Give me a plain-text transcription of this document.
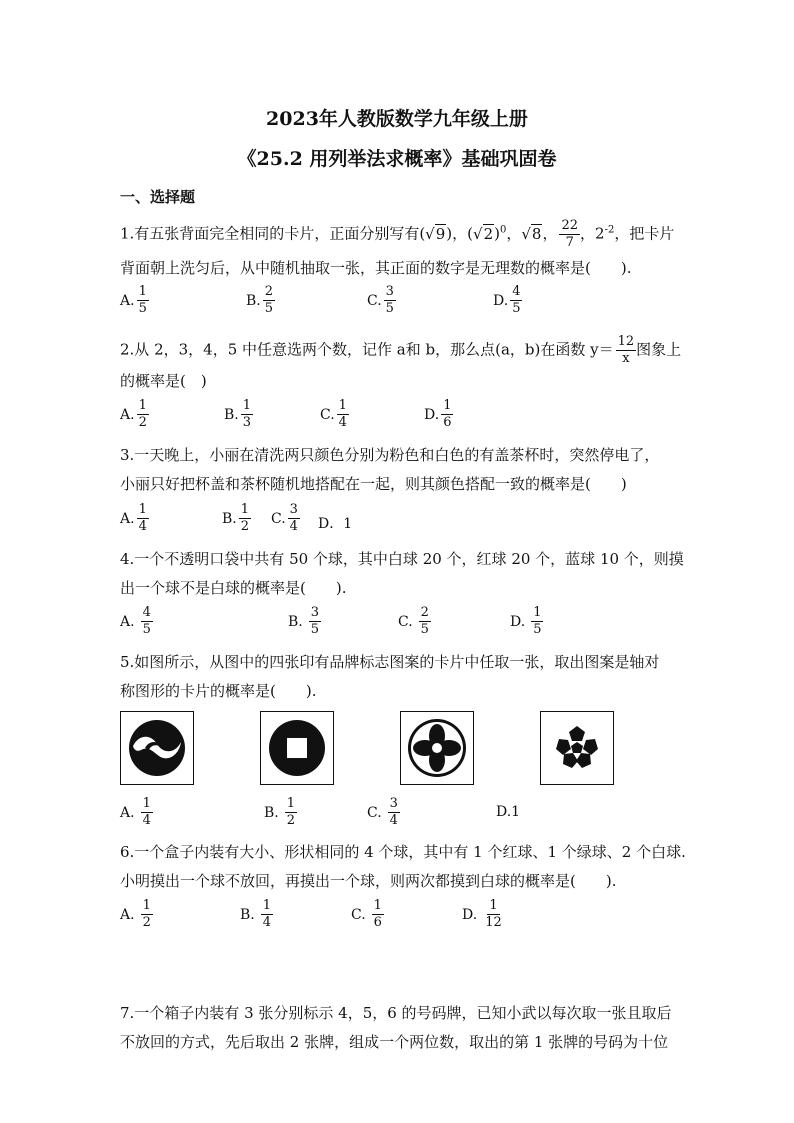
2023年人教版数学九年级上册
《25.2 用列举法求概率》基础巩固卷
一、选择题
1.有五张背面完全相同的卡片，正面分别写有(√9)，$(√2)^0$，√8， $\frac{22}{7}$ ，$2^{-2}$，把卡片
背面朝上洗匀后，从中随机抽取一张，其正面的数字是无理数的概率是(　　).
A. $\frac{1}{5}$	B. $\frac{2}{5}$	C. $\frac{3}{5}$	D. $\frac{4}{5}$
2.从 2，3，4，5 中任意选两个数，记作 a和 b，那么点(a，b)在函数 $y= \frac{12}{x}$ 图象上
的概率是(　)
A. $\frac{1}{2}$	B. $\frac{1}{3}$	C. $\frac{1}{4}$	D. $\frac{1}{6}$
3.一天晚上，小丽在清洗两只颜色分别为粉色和白色的有盖茶杯时，突然停电了，
小丽只好把杯盖和茶杯随机地搭配在一起，则其颜色搭配一致的概率是(　　)
A. $\frac{1}{4}$	B. $\frac{1}{2} C$. $\frac{3}{4}$ D．1
4.一个不透明口袋中共有 50 个球，其中白球 20 个，红球 20 个，蓝球 10 个，则摸
出一个球不是白球的概率是(　　).
A. $\frac{4}{5}$	B. $\frac{3}{5}$	C. $\frac{2}{5}$	D. $\frac{1}{5}$
5.如图所示，从图中的四张印有品牌标志图案的卡片中任取一张，取出图案是轴对
称图形的卡片的概率是(　　).
A. $\frac{1}{4}$	B. $\frac{1}{2}$	C. $\frac{3}{4}$	D.1
6.一个盒子内装有大小、形状相同的 4 个球，其中有 1 个红球、1 个绿球、2 个白球.
小明摸出一个球不放回，再摸出一个球，则两次都摸到白球的概率是(　　).
A. $\frac{1}{2}$	B. $\frac{1}{4}$	C. $\frac{1}{6}$	D. $\frac{1}{12}$
7.一个箱子内装有 3 张分别标示 4，5，6 的号码牌，已知小武以每次取一张且取后
不放回的方式，先后取出 2 张牌，组成一个两位数，取出的第 1 张牌的号码为十位
